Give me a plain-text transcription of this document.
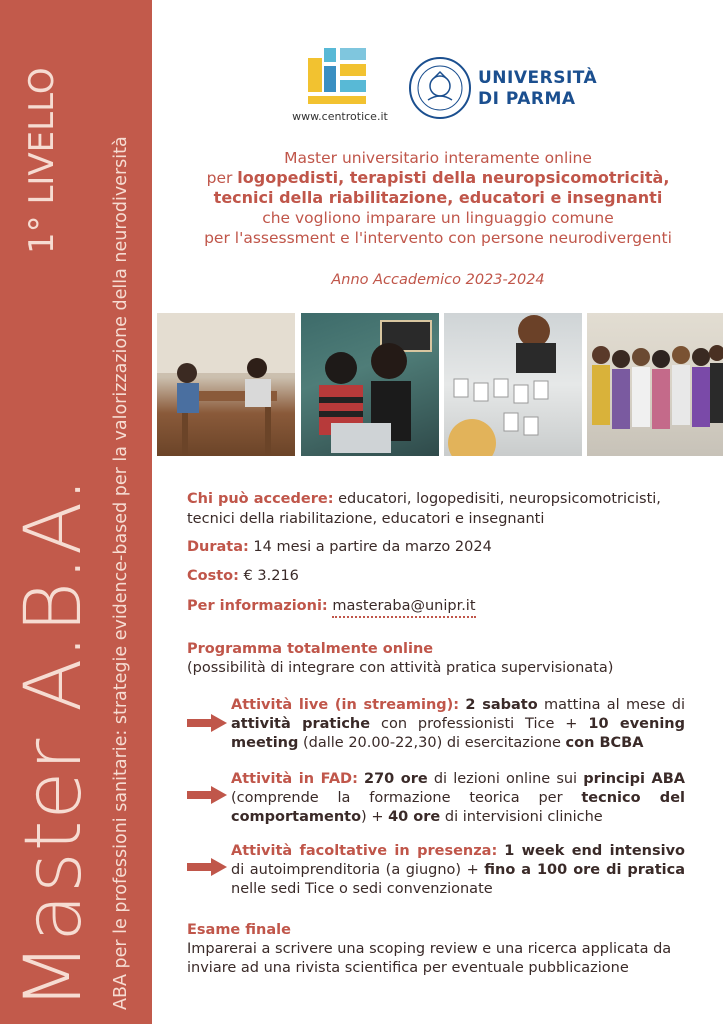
Master A.B.A.
1° LIVELLO	ABA per le professioni sanitarie: strategie evidence-based per la valorizzazione della neurodiversità
www.centrotice.it
UNIVERSITÀ
DI PARMA
Master universitario interamente online
per logopedisti, terapisti della neuropsicomotricità,
tecnici della riabilitazione, educatori e insegnanti
che vogliono imparare un linguaggio comune
per l'assessment e l'intervento con persone neurodivergenti
Anno Accademico 2023-2024
Chi può accedere: educatori, logopedisiti, neuropsicomotricisti, tecnici della riabilitazione, educatori e insegnanti
Durata: 14 mesi a partire da marzo 2024
Costo: € 3.216
Per informazioni: masteraba@unipr.it
Programma totalmente online
(possibilità di integrare con attività pratica supervisionata)
Attività live (in streaming): 2 sabato mattina al mese di attività pratiche con professionisti Tice + 10 evening meeting (dalle 20.00-22,30) di esercitazione con BCBA
Attività in FAD: 270 ore di lezioni online sui principi ABA (comprende la formazione teorica per tecnico del comportamento) + 40 ore di intervisioni cliniche
Attività facoltative in presenza: 1 week end intensivo di autoimprenditoria (a giugno) + fino a 100 ore di pratica nelle sedi Tice o sedi convenzionate
Esame finale
Imparerai a scrivere una scoping review e una ricerca applicata da inviare ad una rivista scientifica per eventuale pubblicazione
